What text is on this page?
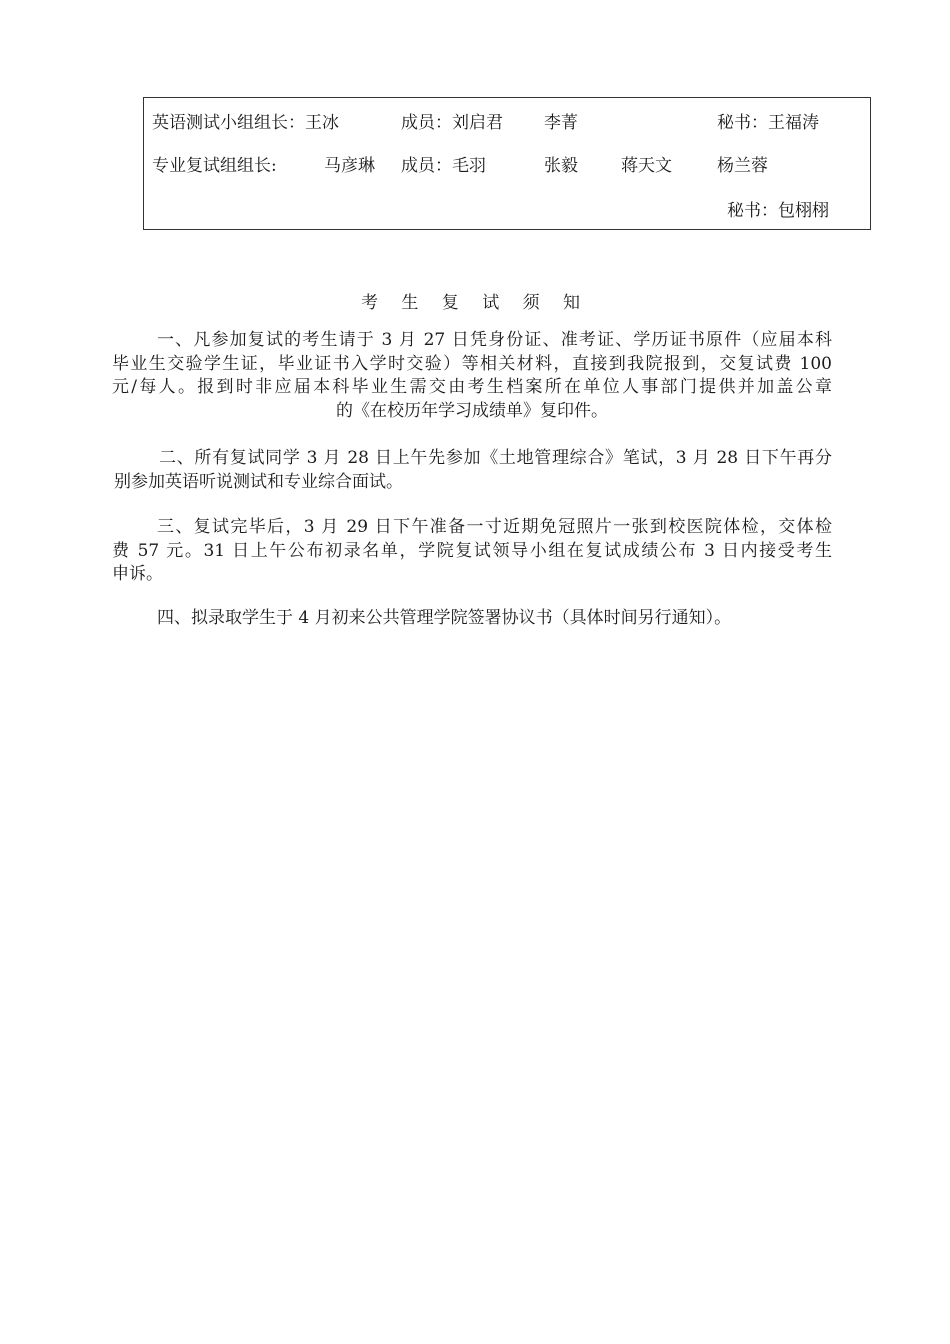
英语测试小组组长：王冰	成员：刘启君 李菁	秘书：王福涛
专业复试组组长:	马彦琳 成员：毛羽	张毅	蒋天文	杨兰蓉
秘书：包栩栩
考 生 复 试 须 知
一、凡参加复试的考生请于 3 月 27 日凭身份证、准考证、学历证书原件（应届本科
毕业生交验学生证，毕业证书入学时交验）等相关材料，直接到我院报到，交复试费 100
元/每人。报到时非应届本科毕业生需交由考生档案所在单位人事部门提供并加盖公章
的《在校历年学习成绩单》复印件。
二、所有复试同学 3 月 28 日上午先参加《土地管理综合》笔试，3 月 28 日下午再分
别参加英语听说测试和专业综合面试。
三、复试完毕后，3 月 29 日下午准备一寸近期免冠照片一张到校医院体检，交体检
费 57 元。31 日上午公布初录名单，学院复试领导小组在复试成绩公布 3 日内接受考生
申诉。
四、拟录取学生于 4 月初来公共管理学院签署协议书（具体时间另行通知）。
